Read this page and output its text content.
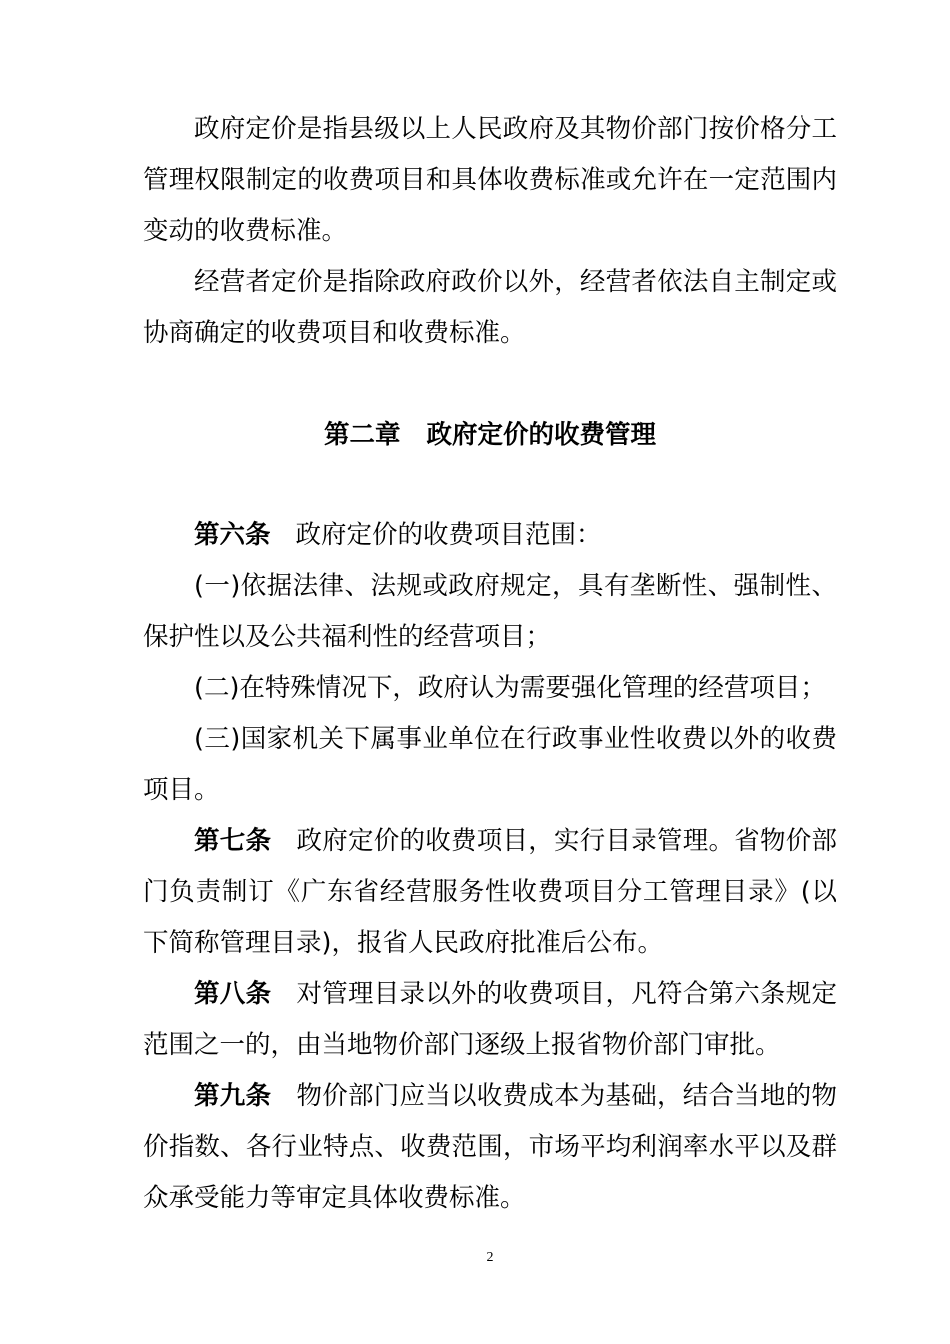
政府定价是指县级以上人民政府及其物价部门按价格分工管理权限制定的收费项目和具体收费标准或允许在一定范围内变动的收费标准。

经营者定价是指除政府政价以外，经营者依法自主制定或协商确定的收费项目和收费标准。

第二章 政府定价的收费管理

第六条 政府定价的收费项目范围：

(一)依据法律、法规或政府规定，具有垄断性、强制性、保护性以及公共福利性的经营项目；

(二)在特殊情况下，政府认为需要强化管理的经营项目；

(三)国家机关下属事业单位在行政事业性收费以外的收费项目。

第七条 政府定价的收费项目，实行目录管理。省物价部门负责制订《广东省经营服务性收费项目分工管理目录》(以下简称管理目录)，报省人民政府批准后公布。

第八条 对管理目录以外的收费项目，凡符合第六条规定范围之一的，由当地物价部门逐级上报省物价部门审批。

第九条 物价部门应当以收费成本为基础，结合当地的物价指数、各行业特点、收费范围，市场平均利润率水平以及群众承受能力等审定具体收费标准。

2
